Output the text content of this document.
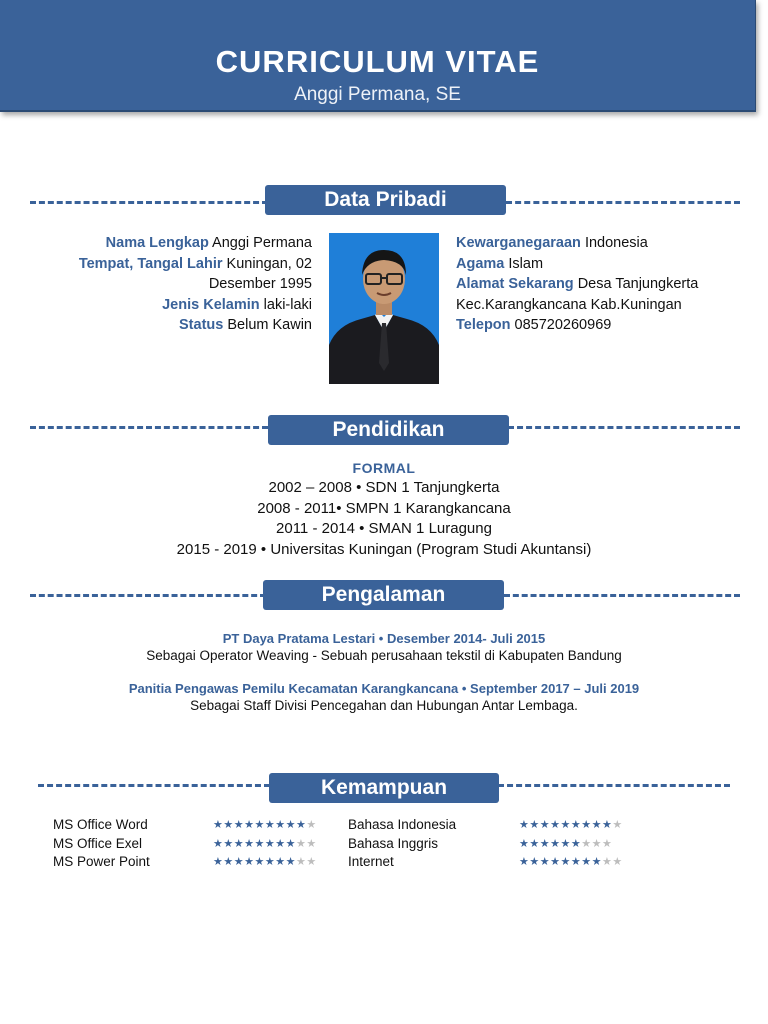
CURRICULUM VITAE
Anggi Permana, SE
Data Pribadi
Nama Lengkap Anggi Permana
Tempat, Tangal Lahir Kuningan, 02
Desember 1995
Jenis Kelamin laki-laki
Status Belum Kawin
Kewarganegaraan Indonesia
Agama Islam
Alamat Sekarang Desa Tanjungkerta
Kec.Karangkancana Kab.Kuningan
Telepon 085720260969
Pendidikan
FORMAL
2002 – 2008 • SDN 1 Tanjungkerta
2008 - 2011• SMPN 1 Karangkancana
2011 - 2014 • SMAN 1 Luragung
2015 - 2019 • Universitas Kuningan (Program Studi Akuntansi)
Pengalaman
PT Daya Pratama Lestari • Desember 2014- Juli 2015
Sebagai Operator Weaving - Sebuah perusahaan tekstil di Kabupaten Bandung
Panitia Pengawas Pemilu Kecamatan Karangkancana • September 2017 – Juli 2019
Sebagai Staff Divisi Pencegahan dan Hubungan Antar Lembaga.
Kemampuan
MS Office Word
MS Office Exel
MS Power Point
Bahasa Indonesia
Bahasa Inggris
Internet
★★★★★★★★★★
★★★★★★★★★★
★★★★★★★★★★
★★★★★★★★★★
★★★★★★★★★
★★★★★★★★★★
